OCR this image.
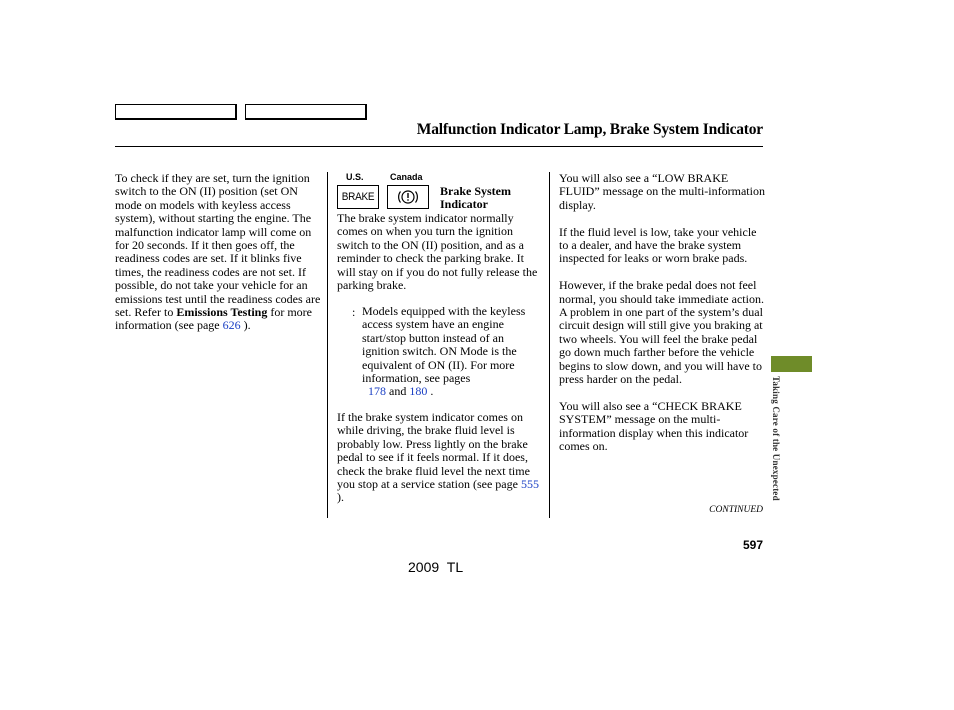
Malfunction Indicator Lamp, Brake System Indicator

To check if they are set, turn the ignition switch to the ON (II) position (set ON mode on models with keyless access system), without starting the engine. The malfunction indicator lamp will come on for 20 seconds. If it then goes off, the readiness codes are set. If it blinks five times, the readiness codes are not set. If possible, do not take your vehicle for an emissions test until the readiness codes are set. Refer to Emissions Testing for more information (see page 626 ).

U.S.	Canada
BRAKE	Brake System
Indicator

The brake system indicator normally comes on when you turn the ignition switch to the ON (II) position, and as a reminder to check the parking brake. It will stay on if you do not fully release the parking brake.

: Models equipped with the keyless access system have an engine start/stop button instead of an ignition switch. ON Mode is the equivalent of ON (II). For more information, see pages
178 and 180 .

If the brake system indicator comes on while driving, the brake fluid level is probably low. Press lightly on the brake pedal to see if it feels normal. If it does, check the brake fluid level the next time you stop at a service station (see page 555 ).

You will also see a “LOW BRAKE FLUID” message on the multi-information display.

If the fluid level is low, take your vehicle to a dealer, and have the brake system inspected for leaks or worn brake pads.

However, if the brake pedal does not feel normal, you should take immediate action. A problem in one part of the system’s dual circuit design will still give you braking at two wheels. You will feel the brake pedal go down much farther before the vehicle begins to slow down, and you will have to press harder on the pedal.

You will also see a “CHECK BRAKE SYSTEM” message on the multi-information display when this indicator comes on.	Taking Care of the Unexpected
CONTINUED
597
2009 TL
